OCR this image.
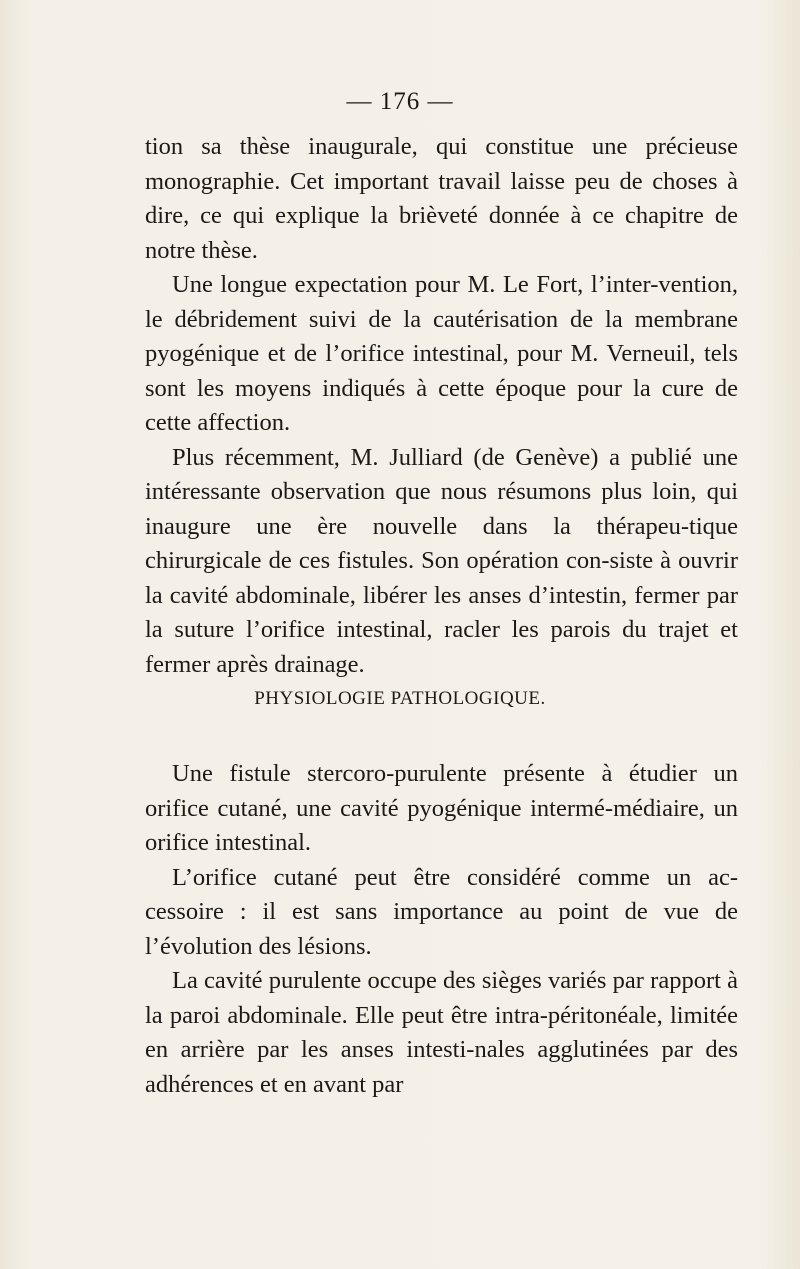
— 176 —

tion sa thèse inaugurale, qui constitue une précieuse monographie. Cet important travail laisse peu de choses à dire, ce qui explique la brièveté donnée à ce chapitre de notre thèse.

Une longue expectation pour M. Le Fort, l’inter-vention, le débridement suivi de la cautérisation de la membrane pyogénique et de l’orifice intestinal, pour M. Verneuil, tels sont les moyens indiqués à cette époque pour la cure de cette affection.

Plus récemment, M. Julliard (de Genève) a publié une intéressante observation que nous résumons plus loin, qui inaugure une ère nouvelle dans la thérapeu-tique chirurgicale de ces fistules. Son opération con-siste à ouvrir la cavité abdominale, libérer les anses d’intestin, fermer par la suture l’orifice intestinal, racler les parois du trajet et fermer après drainage.

PHYSIOLOGIE PATHOLOGIQUE.

Une fistule stercoro-purulente présente à étudier un orifice cutané, une cavité pyogénique intermé-médiaire, un orifice intestinal.

L’orifice cutané peut être considéré comme un ac-cessoire : il est sans importance au point de vue de l’évolution des lésions.

La cavité purulente occupe des sièges variés par rapport à la paroi abdominale. Elle peut être intra-péritonéale, limitée en arrière par les anses intesti-nales agglutinées par des adhérences et en avant par
